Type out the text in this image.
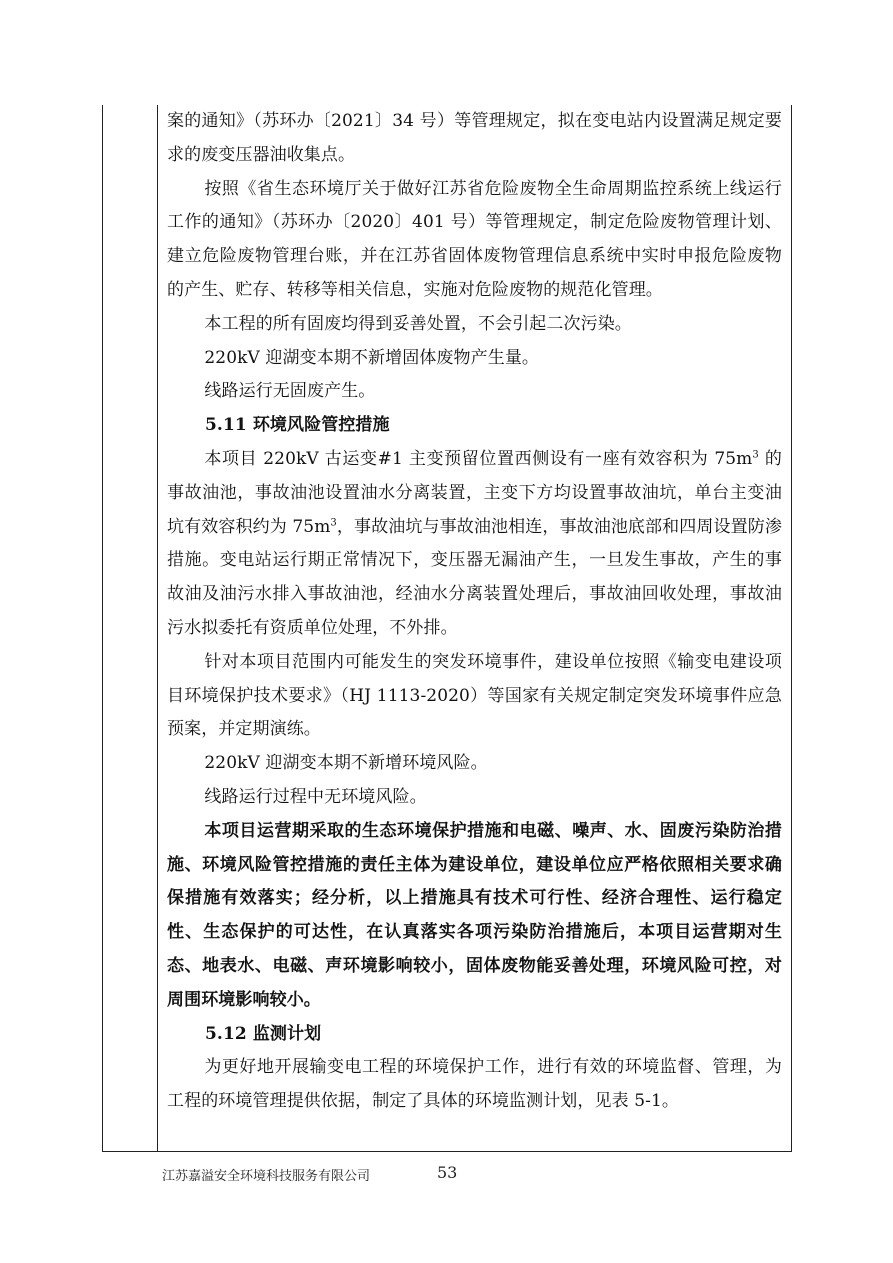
案的通知》（苏环办〔2021〕34 号）等管理规定，拟在变电站内设置满足规定要求的废变压器油收集点。

按照《省生态环境厅关于做好江苏省危险废物全生命周期监控系统上线运行工作的通知》（苏环办〔2020〕401 号）等管理规定，制定危险废物管理计划、建立危险废物管理台账，并在江苏省固体废物管理信息系统中实时申报危险废物的产生、贮存、转移等相关信息，实施对危险废物的规范化管理。

本工程的所有固废均得到妥善处置，不会引起二次污染。

220kV 迎湖变本期不新增固体废物产生量。

线路运行无固废产生。

5.11 环境风险管控措施

本项目 220kV 古运变#1 主变预留位置西侧设有一座有效容积为 $75m^3$ 的事故油池，事故油池设置油水分离装置，主变下方均设置事故油坑，单台主变油坑有效容积约为 $75m^3$，事故油坑与事故油池相连，事故油池底部和四周设置防渗措施。变电站运行期正常情况下，变压器无漏油产生，一旦发生事故，产生的事故油及油污水排入事故油池，经油水分离装置处理后，事故油回收处理，事故油污水拟委托有资质单位处理，不外排。

针对本项目范围内可能发生的突发环境事件，建设单位按照《输变电建设项目环境保护技术要求》（HJ 1113-2020）等国家有关规定制定突发环境事件应急预案，并定期演练。

220kV 迎湖变本期不新增环境风险。

线路运行过程中无环境风险。

本项目运营期采取的生态环境保护措施和电磁、噪声、水、固废污染防治措施、环境风险管控措施的责任主体为建设单位，建设单位应严格依照相关要求确保措施有效落实；经分析，以上措施具有技术可行性、经济合理性、运行稳定性、生态保护的可达性，在认真落实各项污染防治措施后，本项目运营期对生态、地表水、电磁、声环境影响较小，固体废物能妥善处理，环境风险可控，对周围环境影响较小。

5.12 监测计划

为更好地开展输变电工程的环境保护工作，进行有效的环境监督、管理，为工程的环境管理提供依据，制定了具体的环境监测计划，见表 5-1。

江苏嘉溢安全环境科技服务有限公司	53
